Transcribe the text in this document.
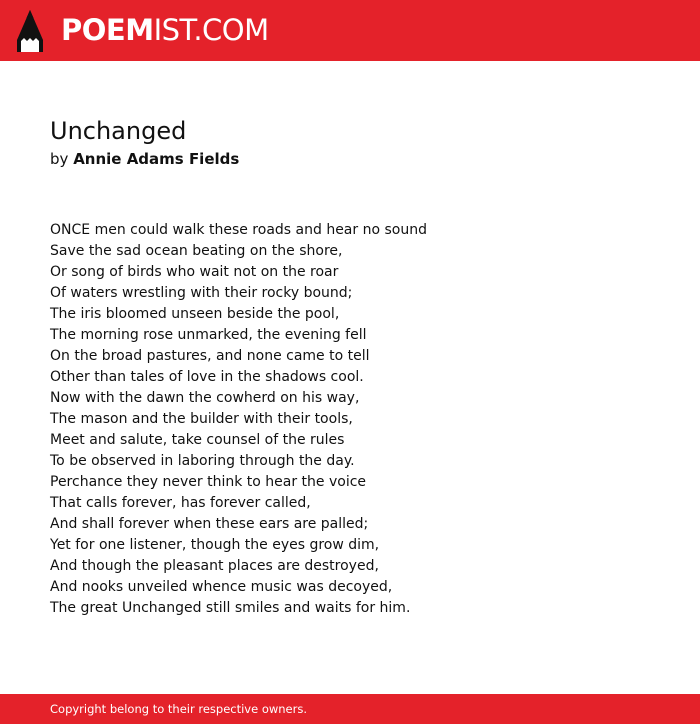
POEMIST.COM
Unchanged
by Annie Adams Fields
ONCE men could walk these roads and hear no sound
Save the sad ocean beating on the shore,
Or song of birds who wait not on the roar
Of waters wrestling with their rocky bound;
The iris bloomed unseen beside the pool,
The morning rose unmarked, the evening fell
On the broad pastures, and none came to tell
Other than tales of love in the shadows cool.
Now with the dawn the cowherd on his way,
The mason and the builder with their tools,
Meet and salute, take counsel of the rules
To be observed in laboring through the day.
Perchance they never think to hear the voice
That calls forever, has forever called,
And shall forever when these ears are palled;
Yet for one listener, though the eyes grow dim,
And though the pleasant places are destroyed,
And nooks unveiled whence music was decoyed,
The great Unchanged still smiles and waits for him.
Copyright belong to their respective owners.
